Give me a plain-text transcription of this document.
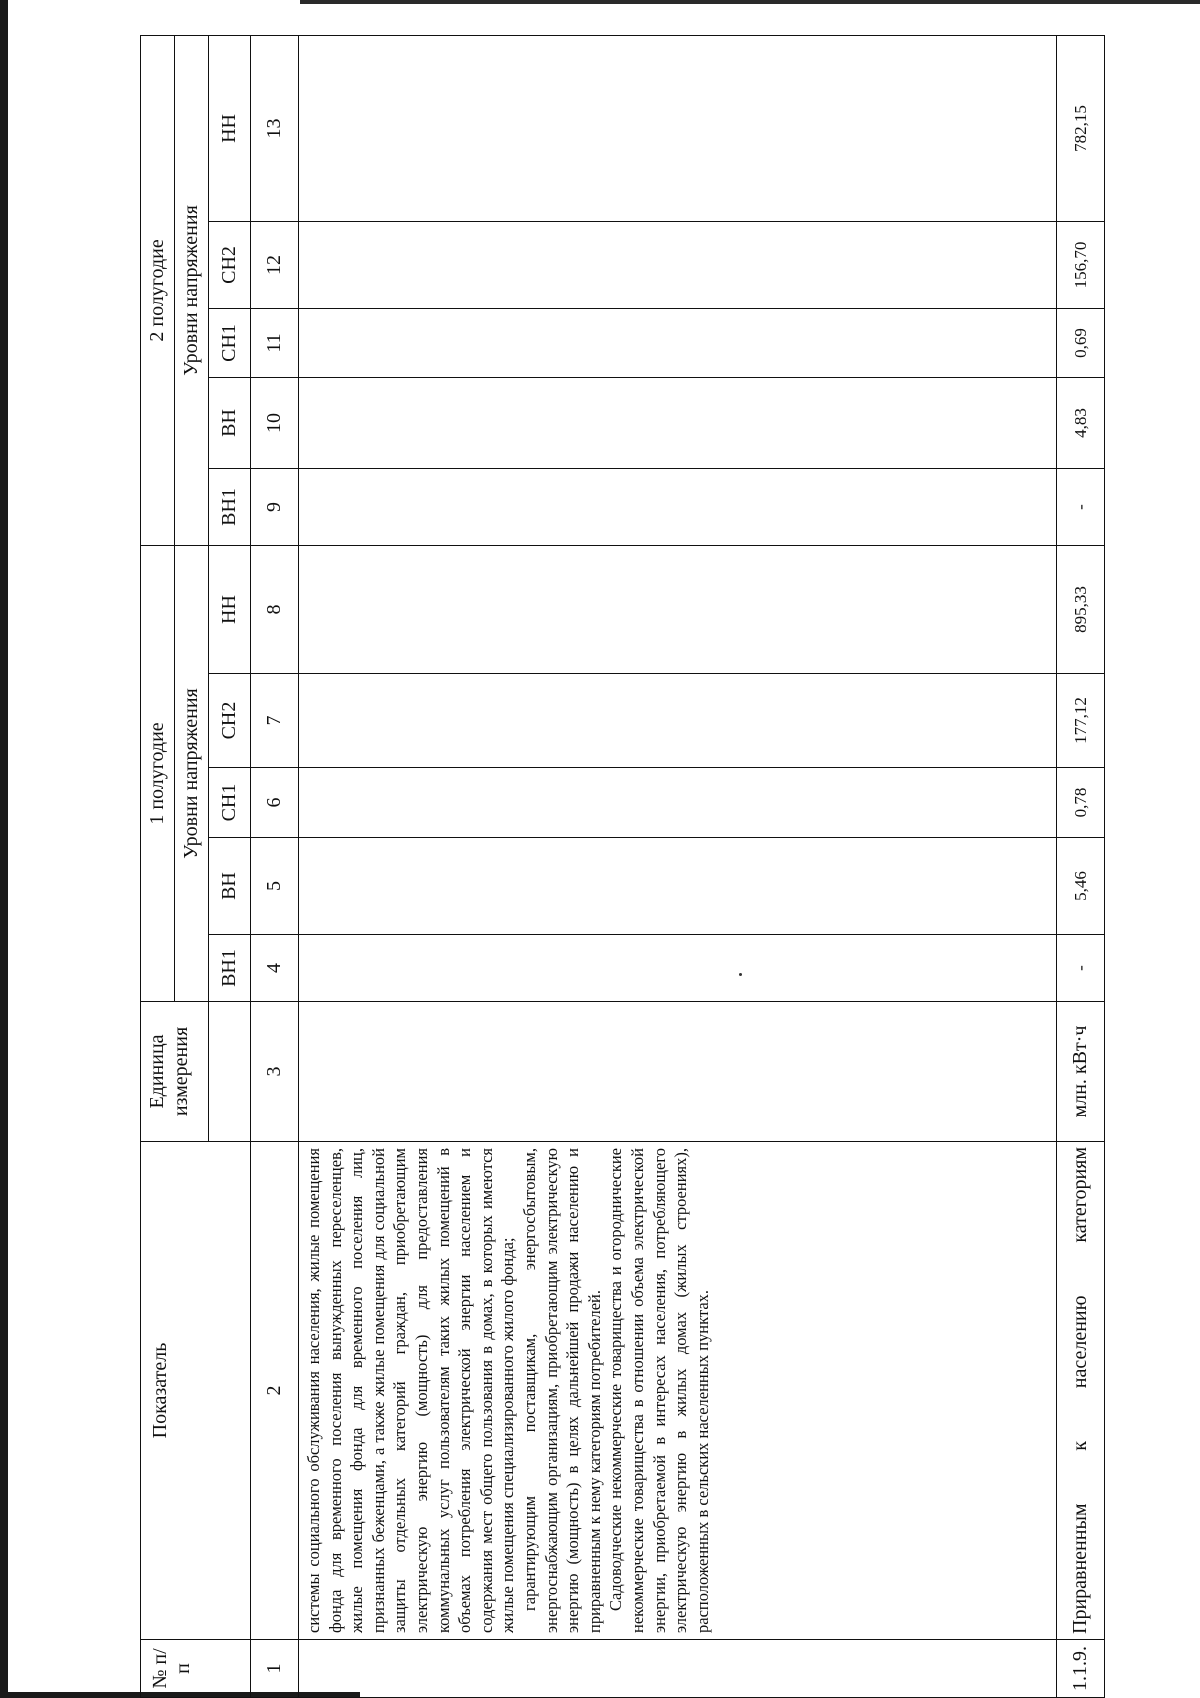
№ п/п	Показатель	Единица измерения	1 полугодие					2 полугодие				
			Уровни напряжения					Уровни напряжения				
			ВН1	ВН	СН1	СН2	НН	ВН1	ВН	СН1	СН2	НН
1	2	3	4	5	6	7	8	9	10	11	12	13

	системы социального обслуживания населения, жилые помещения фонда для временного поселения вынужденных переселенцев, жилые помещения фонда для временного поселения лиц, признанных беженцами, а также жилые помещения для социальной защиты отдельных категорий граждан, приобретающим электрическую энергию (мощность) для предоставления коммунальных услуг пользователям таких жилых помещений в объемах потребления электрической энергии населением и содержания мест общего пользования в домах, в которых имеются жилые помещения специализированного жилого фонда; гарантирующим поставщикам, энергосбытовым, энергоснабжающим организациям, приобретающим электрическую энергию (мощность) в целях дальнейшей продажи населению и приравненным к нему категориям потребителей. Садоводческие некоммерческие товарищества и огороднические некоммерческие товарищества в отношении объема электрической энергии, приобретаемой в интересах населения, потребляющего электрическую энергию в жилых домах (жилых строениях), расположенных в сельских населенных пунктах.											

1.1.9.	Приравненным к населению категориям	млн. кВт·ч	-	5,46	0,78	177,12	895,33	-	4,83	0,69	156,70	782,15
